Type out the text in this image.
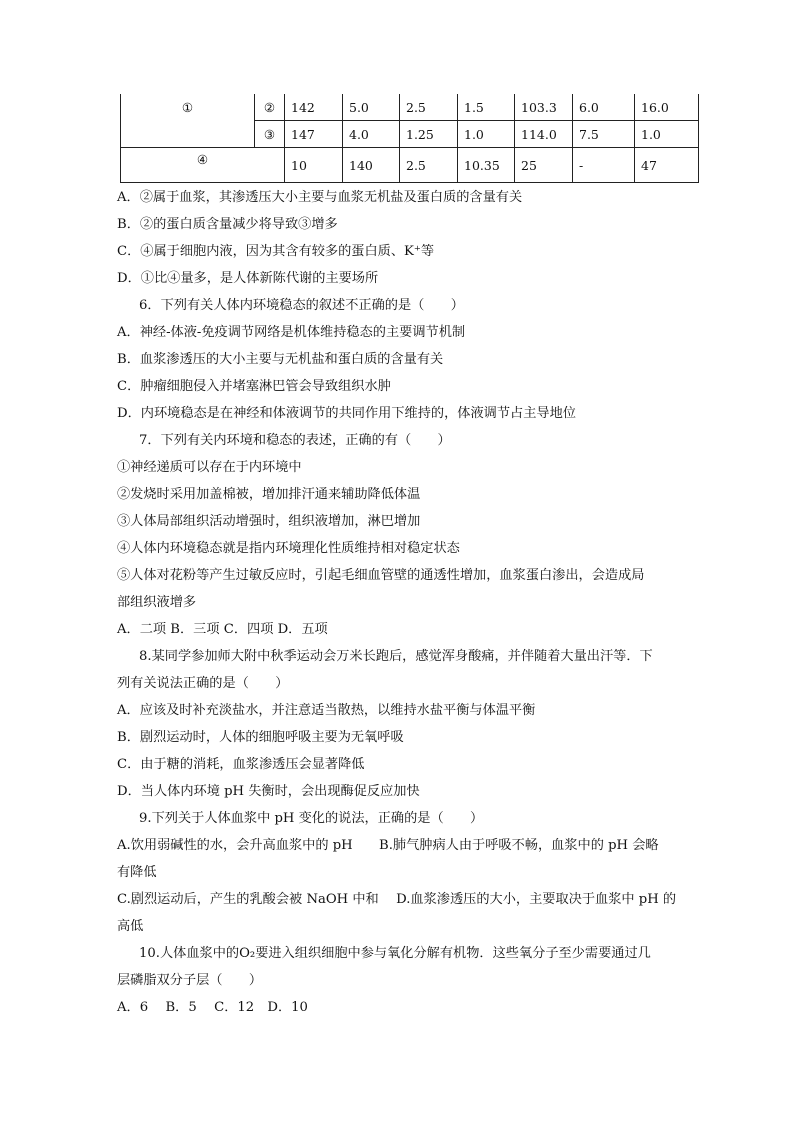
①	②	142	5.0	2.5	1.5	103.3	6.0	16.0
	③	147	4.0	1.25	1.0	114.0	7.5	1.0
④		10	140	2.5	10.35	25	-	47
A．②属于血浆，其渗透压大小主要与血浆无机盐及蛋白质的含量有关
B．②的蛋白质含量减少将导致③增多
C．④属于细胞内液，因为其含有较多的蛋白质、K⁺等
D．①比④量多，是人体新陈代谢的主要场所
6．下列有关人体内环境稳态的叙述不正确的是（　　）
A．神经-体液-免疫调节网络是机体维持稳态的主要调节机制
B．血浆渗透压的大小主要与无机盐和蛋白质的含量有关
C．肿瘤细胞侵入并堵塞淋巴管会导致组织水肿
D．内环境稳态是在神经和体液调节的共同作用下维持的，体液调节占主导地位
7．下列有关内环境和稳态的表述，正确的有（　　）
①神经递质可以存在于内环境中
②发烧时采用加盖棉被，增加排汗通来辅助降低体温
③人体局部组织活动增强时，组织液增加，淋巴增加
④人体内环境稳态就是指内环境理化性质维持相对稳定状态
⑤人体对花粉等产生过敏反应时，引起毛细血管壁的通透性增加，血浆蛋白渗出，会造成局
部组织液增多
A．二项 B．三项 C．四项 D．五项
8.某同学参加师大附中秋季运动会万米长跑后，感觉浑身酸痛，并伴随着大量出汗等．下
列有关说法正确的是（　　）
A．应该及时补充淡盐水，并注意适当散热，以维持水盐平衡与体温平衡
B．剧烈运动时，人体的细胞呼吸主要为无氧呼吸
C．由于糖的消耗，血浆渗透压会显著降低
D．当人体内环境 pH 失衡时，会出现酶促反应加快
9.下列关于人体血浆中 pH 变化的说法，正确的是（　　）
A.饮用弱碱性的水，会升高血浆中的 pH　　B.肺气肿病人由于呼吸不畅，血浆中的 pH 会略
有降低
C.剧烈运动后，产生的乳酸会被 NaOH 中和　 D.血浆渗透压的大小，主要取决于血浆中 pH 的
高低
10.人体血浆中的O₂要进入组织细胞中参与氧化分解有机物．这些氧分子至少需要通过几
层磷脂双分子层（　　）
A．6　 B．5　 C．12　D．10
